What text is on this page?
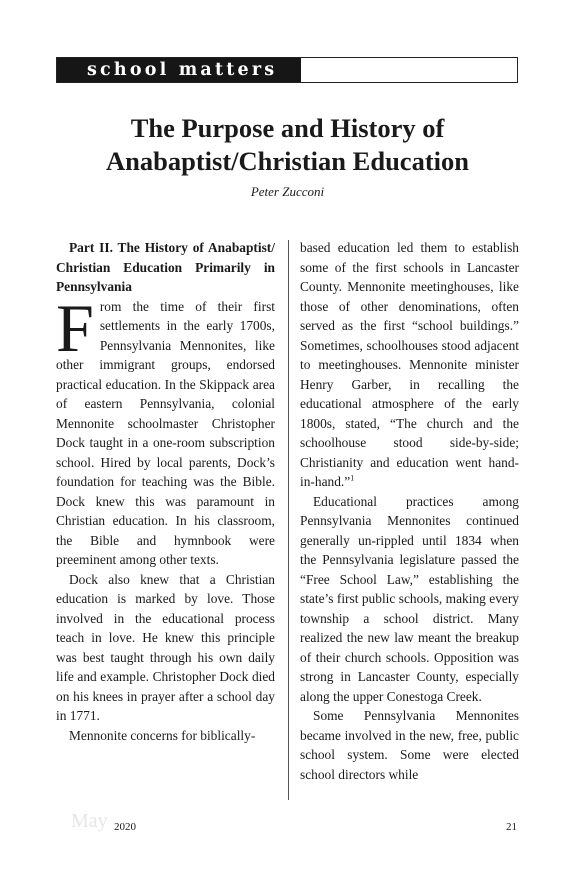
school matters
The Purpose and History of
Anabaptist/Christian Education

Peter Zucconi

Part II. The History of Anabaptist/ Christian Education Primarily in Pennsylvania

From the time of their first settlements in the early 1700s, Pennsylvania Mennonites, like other immigrant groups, endorsed practical education. In the Skippack area of eastern Pennsylvania, colonial Mennonite schoolmaster Christopher Dock taught in a one-room subscription school. Hired by local parents, Dock’s foundation for teaching was the Bible. Dock knew this was paramount in Christian education. In his classroom, the Bible and hymnbook were preeminent among other texts.

Dock also knew that a Christian education is marked by love. Those involved in the educational process teach in love. He knew this principle was best taught through his own daily life and example. Christopher Dock died on his knees in prayer after a school day in 1771.

Mennonite concerns for biblically-

based education led them to establish some of the first schools in Lancaster County. Mennonite meetinghouses, like those of other denominations, often served as the first “school buildings.” Sometimes, schoolhouses stood adjacent to meetinghouses. Mennonite minister Henry Garber, in recalling the educational atmosphere of the early 1800s, stated, “The church and the schoolhouse stood side-by-side; Christianity and education went hand-in-hand.”$^1$

Educational practices among Pennsylvania Mennonites continued generally un-rippled until 1834 when the Pennsylvania legislature passed the “Free School Law,” establishing the state’s first public schools, making every township a school district. Many realized the new law meant the breakup of their church schools. Opposition was strong in Lancaster County, especially along the upper Conestoga Creek.

Some Pennsylvania Mennonites became involved in the new, free, public school system. Some were elected school directors while

May 2020	21
